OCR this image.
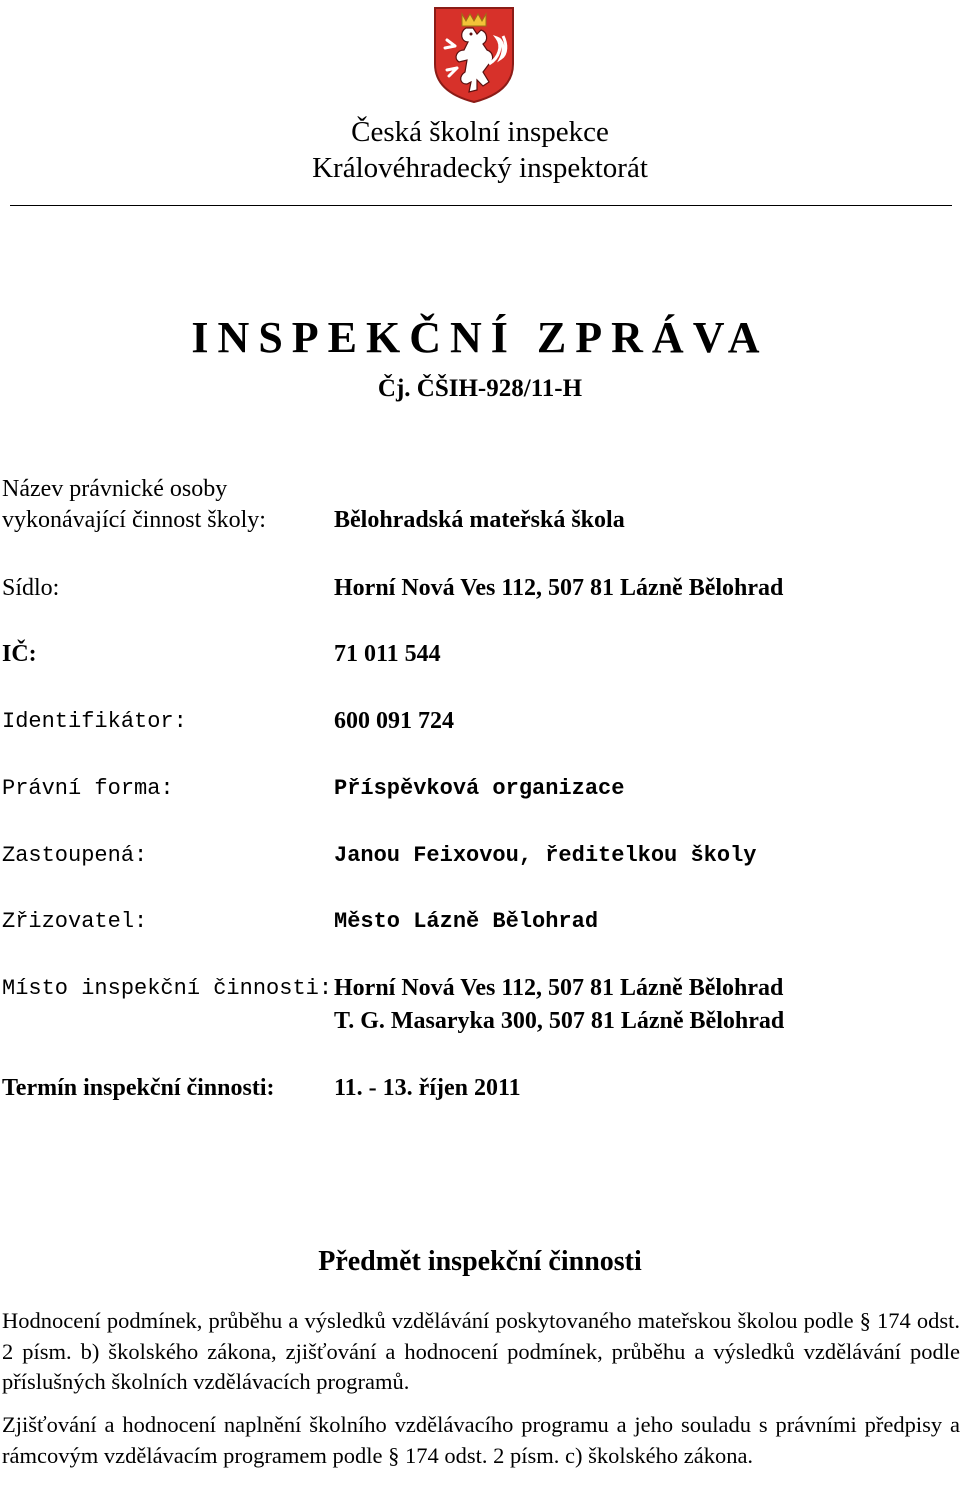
Česká školní inspekce
Královéhradecký inspektorát
INSPEKČNÍ ZPRÁVA
Čj. ČŠIH-928/11-H
Název právnické osoby
vykonávající činnost školy:	Bělohradská mateřská škola
Sídlo:	Horní Nová Ves 112, 507 81 Lázně Bělohrad
IČ:	71 011 544
Identifikátor:	600 091 724
Právní forma:	Příspěvková organizace
Zastoupená:	Janou Feixovou, ředitelkou školy
Zřizovatel:	Město Lázně Bělohrad
Místo inspekční činnosti: Horní Nová Ves 112, 507 81 Lázně Bělohrad
T. G. Masaryka 300, 507 81 Lázně Bělohrad
Termín inspekční činnosti: 11. - 13. říjen 2011
Předmět inspekční činnosti
Hodnocení podmínek, průběhu a výsledků vzdělávání poskytovaného mateřskou školou podle § 174 odst. 2 písm. b) školského zákona, zjišťování a hodnocení podmínek, průběhu a výsledků vzdělávání podle příslušných školních vzdělávacích programů.
Zjišťování a hodnocení naplnění školního vzdělávacího programu a jeho souladu s právními předpisy a rámcovým vzdělávacím programem podle § 174 odst. 2 písm. c) školského zákona.
